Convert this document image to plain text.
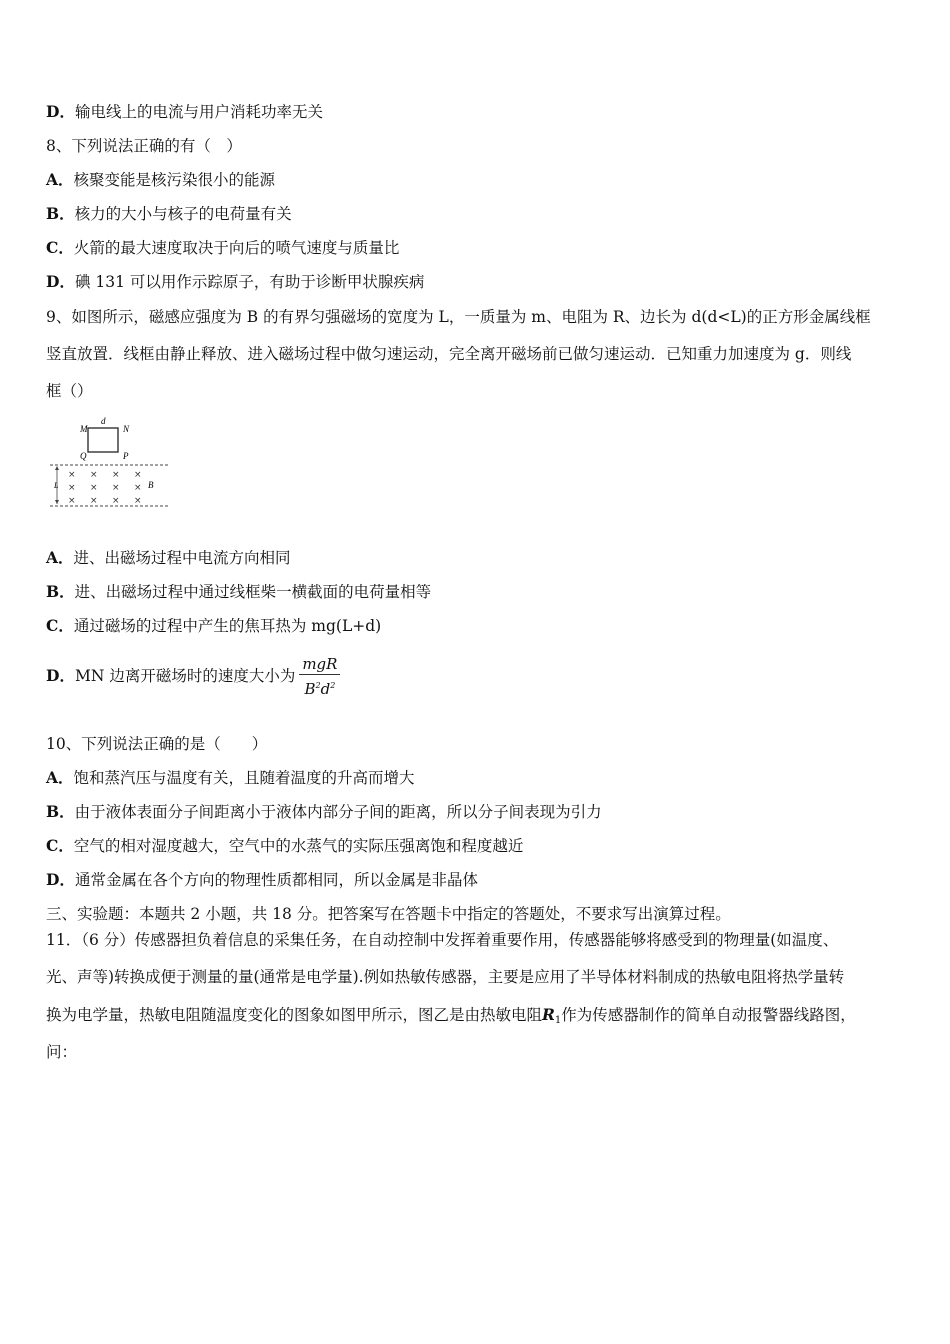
D．输电线上的电流与用户消耗功率无关
8、下列说法正确的有（　）
A．核聚变能是核污染很小的能源
B．核力的大小与核子的电荷量有关
C．火箭的最大速度取决于向后的喷气速度与质量比
D．碘 131 可以用作示踪原子，有助于诊断甲状腺疾病
9、如图所示，磁感应强度为 B 的有界匀强磁场的宽度为 L，一质量为 m、电阻为 R、边长为 d(d<L)的正方形金属线框
竖直放置．线框由静止释放、进入磁场过程中做匀速运动，完全离开磁场前已做匀速运动．已知重力加速度为 g．则线
框（）
M	N
d
Q	P
L
× × × ×
× × × ×
× × × ×
B
A．进、出磁场过程中电流方向相同
B．进、出磁场过程中通过线框柴一横截面的电荷量相等
C．通过磁场的过程中产生的焦耳热为 mg(L+d)
D．MN 边离开磁场时的速度大小为 $\frac{\text{mgR}}{B^2d^2}$
10、下列说法正确的是（　　）
A．饱和蒸汽压与温度有关，且随着温度的升高而增大
B．由于液体表面分子间距离小于液体内部分子间的距离，所以分子间表现为引力
C．空气的相对湿度越大，空气中的水蒸气的实际压强离饱和程度越近
D．通常金属在各个方向的物理性质都相同，所以金属是非晶体
三、实验题：本题共 2 小题，共 18 分。把答案写在答题卡中指定的答题处，不要求写出演算过程。
11．（6 分）传感器担负着信息的采集任务，在自动控制中发挥着重要作用，传感器能够将感受到的物理量(如温度、
光、声等)转换成便于测量的量(通常是电学量).例如热敏传感器，主要是应用了半导体材料制成的热敏电阻将热学量转
换为电学量，热敏电阻随温度变化的图象如图甲所示，图乙是由热敏电阻$R_1$作为传感器制作的简单自动报警器线路图，
问：
